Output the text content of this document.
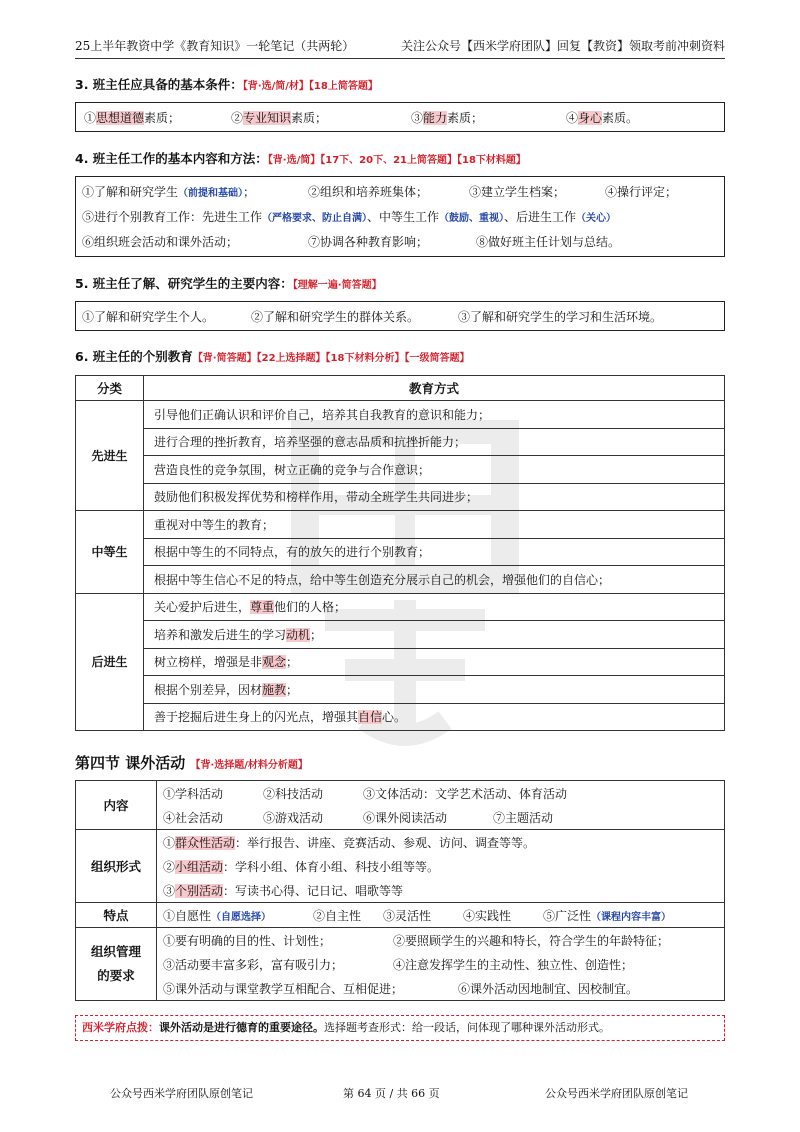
25上半年教资中学《教育知识》一轮笔记（共两轮）	关注公众号【西米学府团队】回复【教资】领取考前冲刺资料
3. 班主任应具备的基本条件：【背·选/简/材】【18上简答题】
①思想道德素质；	②专业知识素质；	③能力素质；	④身心素质。
4. 班主任工作的基本内容和方法：【背·选/简】【17下、20下、21上简答题】【18下材料题】
①了解和研究学生（前提和基础）；	②组织和培养班集体；	③建立学生档案；	④操行评定；
⑤进行个别教育工作：先进生工作（严格要求、防止自满）、中等生工作（鼓励、重视）、后进生工作（关心）
⑥组织班会活动和课外活动；	⑦协调各种教育影响；	⑧做好班主任计划与总结。
5. 班主任了解、研究学生的主要内容：【理解一遍·简答题】
①了解和研究学生个人。	②了解和研究学生的群体关系。	③了解和研究学生的学习和生活环境。
6. 班主任的个别教育【背·简答题】【22上选择题】【18下材料分析】【一级简答题】
分类	教育方式
先进生	引导他们正确认识和评价自己，培养其自我教育的意识和能力；
	进行合理的挫折教育，培养坚强的意志品质和抗挫折能力；
	营造良性的竞争氛围，树立正确的竞争与合作意识；
	鼓励他们积极发挥优势和榜样作用，带动全班学生共同进步；
中等生	重视对中等生的教育；
	根据中等生的不同特点，有的放矢的进行个别教育；
	根据中等生信心不足的特点，给中等生创造充分展示自己的机会，增强他们的自信心；
后进生	关心爱护后进生，尊重他们的人格；
	培养和激发后进生的学习动机；
	树立榜样，增强是非观念；
	根据个别差异，因材施教；
	善于挖掘后进生身上的闪光点，增强其自信心。
第四节 课外活动 【背·选择题/材料分析题】
内容	①学科活动 ②科技活动 ③文体活动：文学艺术活动、体育活动
	④社会活动 ⑤游戏活动 ⑥课外阅读活动 ⑦主题活动
组织形式	①群众性活动：举行报告、讲座、竞赛活动、参观、访问、调查等等。
	②小组活动：学科小组、体育小组、科技小组等等。
	③个别活动：写读书心得、记日记、唱歌等等
特点	①自愿性（自愿选择） ②自主性 ③灵活性 ④实践性 ⑤广泛性（课程内容丰富）
组织管理
的要求	①要有明确的目的性、计划性； ②要照顾学生的兴趣和特长，符合学生的年龄特征；
	③活动要丰富多彩，富有吸引力； ④注意发挥学生的主动性、独立性、创造性；
	⑤课外活动与课堂教学互相配合、互相促进； ⑥课外活动因地制宜、因校制宜。
西米学府点拨：课外活动是进行德育的重要途径。选择题考查形式：给一段话，问体现了哪种课外活动形式。
公众号西米学府团队原创笔记	第 64 页 / 共 66 页	公众号西米学府团队原创笔记
